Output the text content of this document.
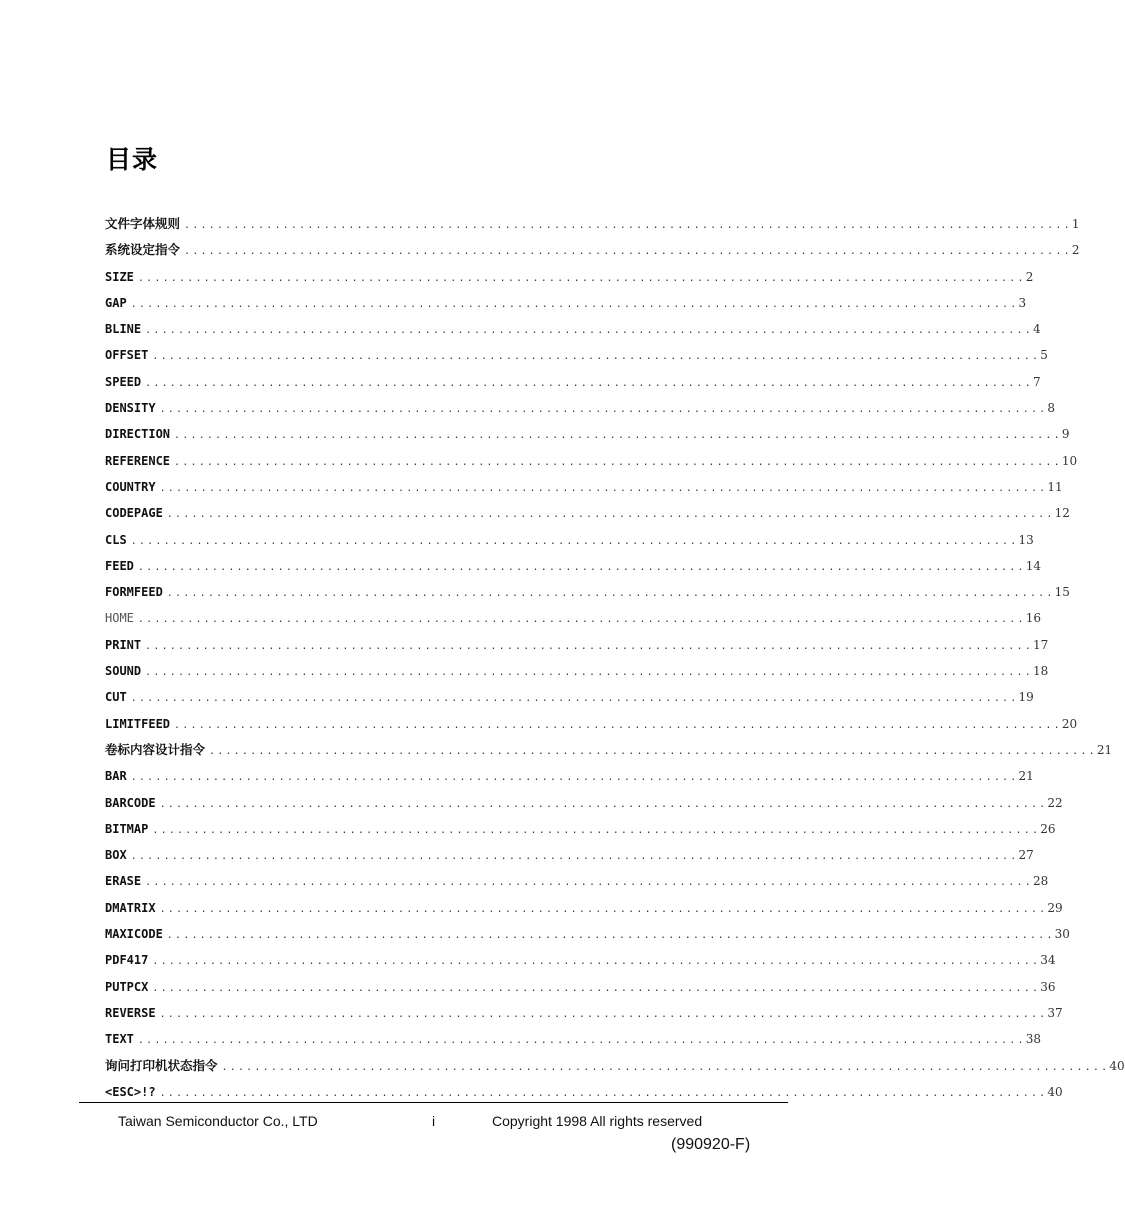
目录
文件字体规则 ............................................................................................................ 1
系统设定指令 ............................................................................................................ 2
SIZE ............................................................................................................ 2
GAP ............................................................................................................ 3
BLINE ............................................................................................................ 4
OFFSET ............................................................................................................ 5
SPEED ............................................................................................................ 7
DENSITY ............................................................................................................ 8
DIRECTION ............................................................................................................ 9
REFERENCE ............................................................................................................ 10
COUNTRY ............................................................................................................ 11
CODEPAGE ............................................................................................................ 12
CLS ............................................................................................................ 13
FEED ............................................................................................................ 14
FORMFEED ............................................................................................................ 15
HOME ............................................................................................................ 16
PRINT ............................................................................................................ 17
SOUND ............................................................................................................ 18
CUT ............................................................................................................ 19
LIMITFEED ............................................................................................................ 20
卷标内容设计指令 ............................................................................................................ 21
BAR ............................................................................................................ 21
BARCODE ............................................................................................................ 22
BITMAP ............................................................................................................ 26
BOX ............................................................................................................ 27
ERASE ............................................................................................................ 28
DMATRIX ............................................................................................................ 29
MAXICODE ............................................................................................................ 30
PDF417 ............................................................................................................ 34
PUTPCX ............................................................................................................ 36
REVERSE ............................................................................................................ 37
TEXT ............................................................................................................ 38
询问打印机状态指令 ............................................................................................................ 40
<ESC>!? ............................................................................................................ 40
Taiwan Semiconductor Co., LTD	i	Copyright 1998 All rights reserved
(990920-F)
